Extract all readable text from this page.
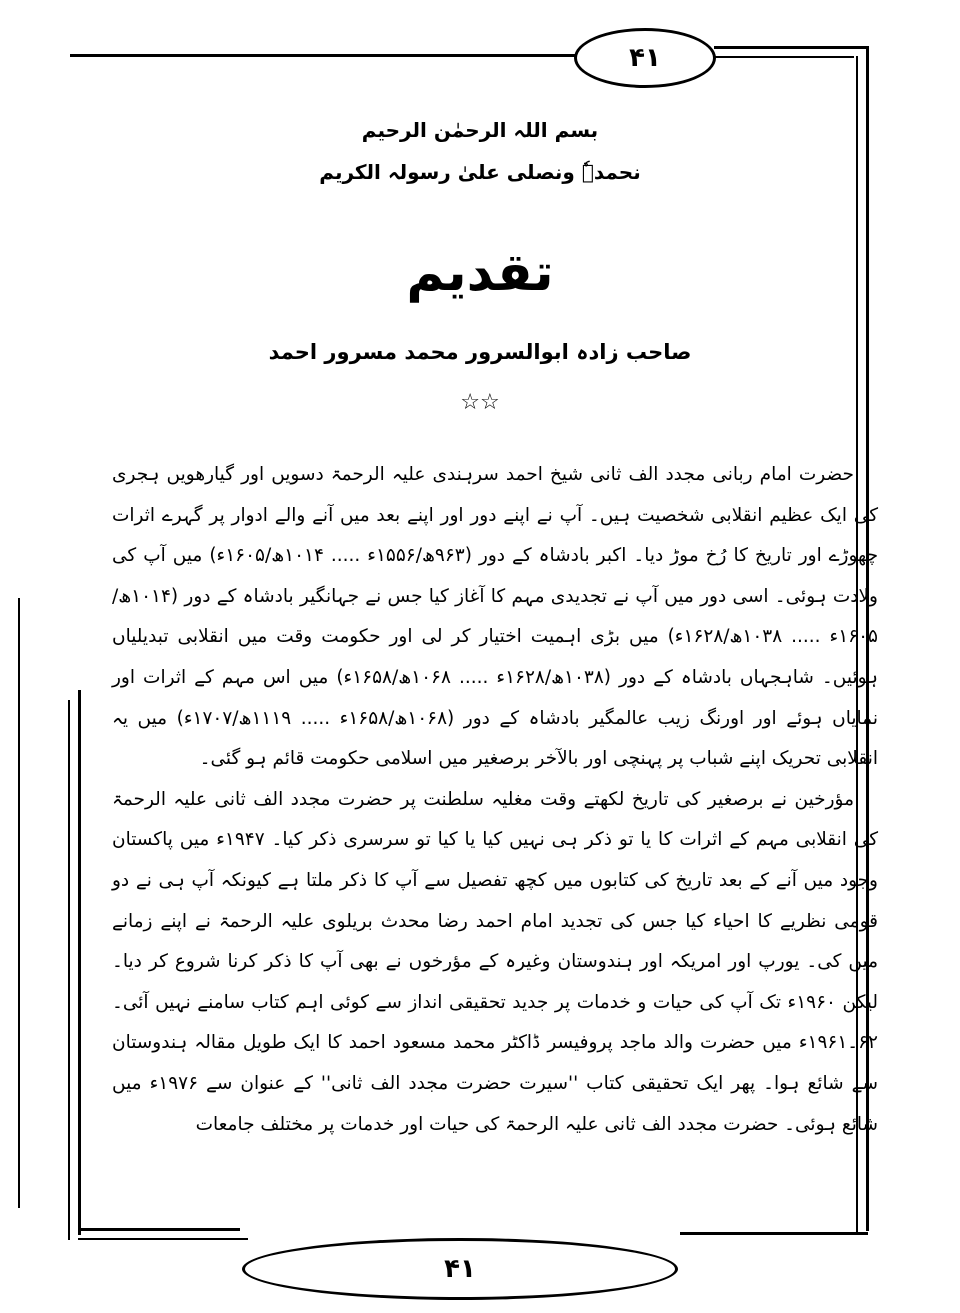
۴۱
۴۱
بسم اللہ الرحمٰن الرحیم
نحمدہٗ ونصلی علیٰ رسولہ الکریم
تقدیم
صاحب زادہ ابوالسرور محمد مسرور احمد
☆☆

حضرت امام ربانی مجدد الف ثانی شیخ احمد سرہندی علیہ الرحمۃ دسویں اور گیارھویں ہجری کی ایک عظیم انقلابی شخصیت ہیں۔ آپ نے اپنے دور اور اپنے بعد میں آنے والے ادوار پر گہرے اثرات چھوڑے اور تاریخ کا رُخ موڑ دیا۔ اکبر بادشاہ کے دور (۹۶۳ھ/۱۵۵۶ء ..... ۱۰۱۴ھ/۱۶۰۵ء) میں آپ کی ولادت ہوئی۔ اسی دور میں آپ نے تجدیدی مہم کا آغاز کیا جس نے جہانگیر بادشاہ کے دور (۱۰۱۴ھ/۱۶۰۵ء ..... ۱۰۳۸ھ/۱۶۲۸ء) میں بڑی اہمیت اختیار کر لی اور حکومت وقت میں انقلابی تبدیلیاں ہوئیں۔ شاہجہاں بادشاہ کے دور (۱۰۳۸ھ/۱۶۲۸ء ..... ۱۰۶۸ھ/۱۶۵۸ء) میں اس مہم کے اثرات اور نمایاں ہوئے اور اورنگ زیب عالمگیر بادشاہ کے دور (۱۰۶۸ھ/۱۶۵۸ء ..... ۱۱۱۹ھ/۱۷۰۷ء) میں یہ انقلابی تحریک اپنے شباب پر پہنچی اور بالآخر برصغیر میں اسلامی حکومت قائم ہو گئی۔

مؤرخین نے برصغیر کی تاریخ لکھتے وقت مغلیہ سلطنت پر حضرت مجدد الف ثانی علیہ الرحمۃ کی انقلابی مہم کے اثرات کا یا تو ذکر ہی نہیں کیا یا کیا تو سرسری ذکر کیا۔ ۱۹۴۷ء میں پاکستان وجود میں آنے کے بعد تاریخ کی کتابوں میں کچھ تفصیل سے آپ کا ذکر ملتا ہے کیونکہ آپ ہی نے دو قومی نظریے کا احیاء کیا جس کی تجدید امام احمد رضا محدث بریلوی علیہ الرحمۃ نے اپنے زمانے میں کی۔ یورپ اور امریکہ اور ہندوستان وغیرہ کے مؤرخوں نے بھی آپ کا ذکر کرنا شروع کر دیا۔ لیکن ۱۹۶۰ء تک آپ کی حیات و خدمات پر جدید تحقیقی انداز سے کوئی اہم کتاب سامنے نہیں آئی۔ ۶۲۔۱۹۶۱ء میں حضرت والد ماجد پروفیسر ڈاکٹر محمد مسعود احمد کا ایک طویل مقالہ ہندوستان سے شائع ہوا۔ پھر ایک تحقیقی کتاب ''سیرت حضرت مجدد الف ثانی'' کے عنوان سے ۱۹۷۶ء میں شائع ہوئی۔ حضرت مجدد الف ثانی علیہ الرحمۃ کی حیات اور خدمات پر مختلف جامعات
